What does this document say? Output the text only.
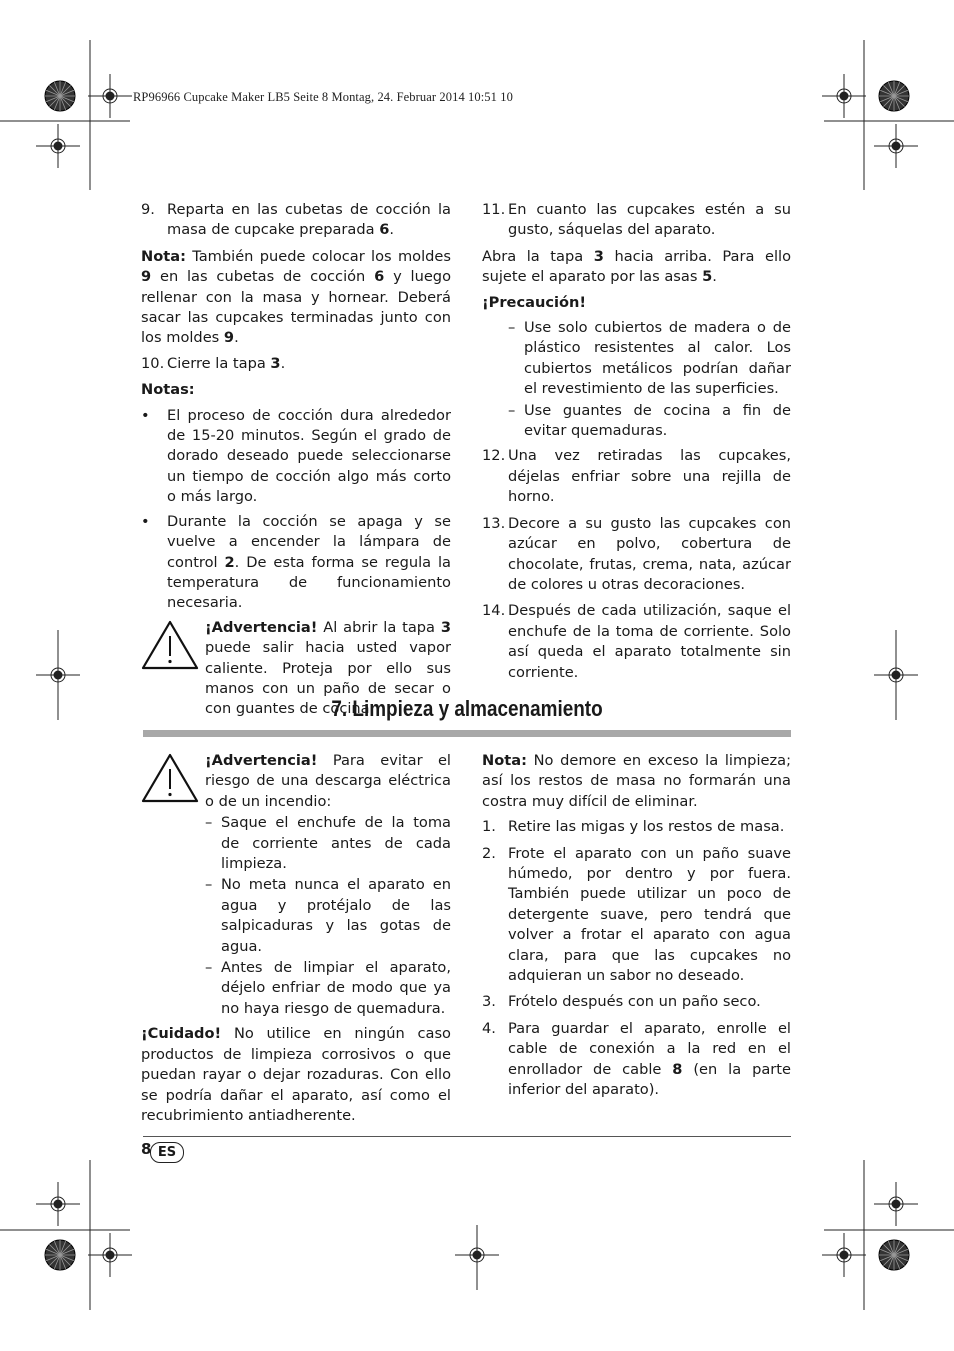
RP96966 Cupcake Maker LB5 Seite 8 Montag, 24. Februar 2014 10:51 10
9. Reparta en las cubetas de cocción la masa de cupcake preparada 6.

Nota: También puede colocar los moldes 9 en las cubetas de cocción 6 y luego rellenar con la masa y hornear. Deberá sacar las cupcakes terminadas junto con los moldes 9.

10. Cierre la tapa 3.

Notas:

•	El proceso de cocción dura alrededor de 15-20 minutos. Según el grado de dorado deseado puede seleccionarse un tiempo de cocción algo más corto o más largo.
•	Durante la cocción se apaga y se vuelve a encender la lámpara de control 2. De esta forma se regula la temperatura de funcionamiento necesaria.
¡Advertencia! Al abrir la tapa 3 puede salir hacia usted vapor caliente. Proteja por ello sus manos con un paño de secar o con guantes de cocina.
11. En cuanto las cupcakes estén a su gusto, sáquelas del aparato.

Abra la tapa 3 hacia arriba. Para ello sujete el aparato por las asas 5.

¡Precaución!

– Use solo cubiertos de madera o de plástico resistentes al calor. Los cubiertos metálicos podrían dañar el revestimiento de las superficies.
– Use guantes de cocina a fin de evitar quemaduras.
12. Una vez retiradas las cupcakes, déjelas enfriar sobre una rejilla de horno.
13. Decore a su gusto las cupcakes con azúcar en polvo, cobertura de chocolate, frutas, crema, nata, azúcar de colores u otras decoraciones.
14. Después de cada utilización, saque el enchufe de la toma de corriente. Solo así queda el aparato totalmente sin corriente.
7. Limpieza y almacenamiento
¡Advertencia! Para evitar el riesgo de una descarga eléctrica o de un incendio:
– Saque el enchufe de la toma de corriente antes de cada limpieza.
– No meta nunca el aparato en agua y protéjalo de las salpicaduras y las gotas de agua.
– Antes de limpiar el aparato, déjelo enfriar de modo que ya no haya riesgo de quemadura.

¡Cuidado! No utilice en ningún caso productos de limpieza corrosivos o que puedan rayar o dejar rozaduras. Con ello se podría dañar el aparato, así como el recubrimiento antiadherente.

Nota: No demore en exceso la limpieza; así los restos de masa no formarán una costra muy difícil de eliminar.

1. Retire las migas y los restos de masa.
2. Frote el aparato con un paño suave húmedo, por dentro y por fuera. También puede utilizar un poco de detergente suave, pero tendrá que volver a frotar el aparato con agua clara, para que las cupcakes no adquieran un sabor no deseado.
3. Frótelo después con un paño seco.
4. Para guardar el aparato, enrolle el cable de conexión a la red en el enrollador de cable 8 (en la parte inferior del aparato).
8 ES
